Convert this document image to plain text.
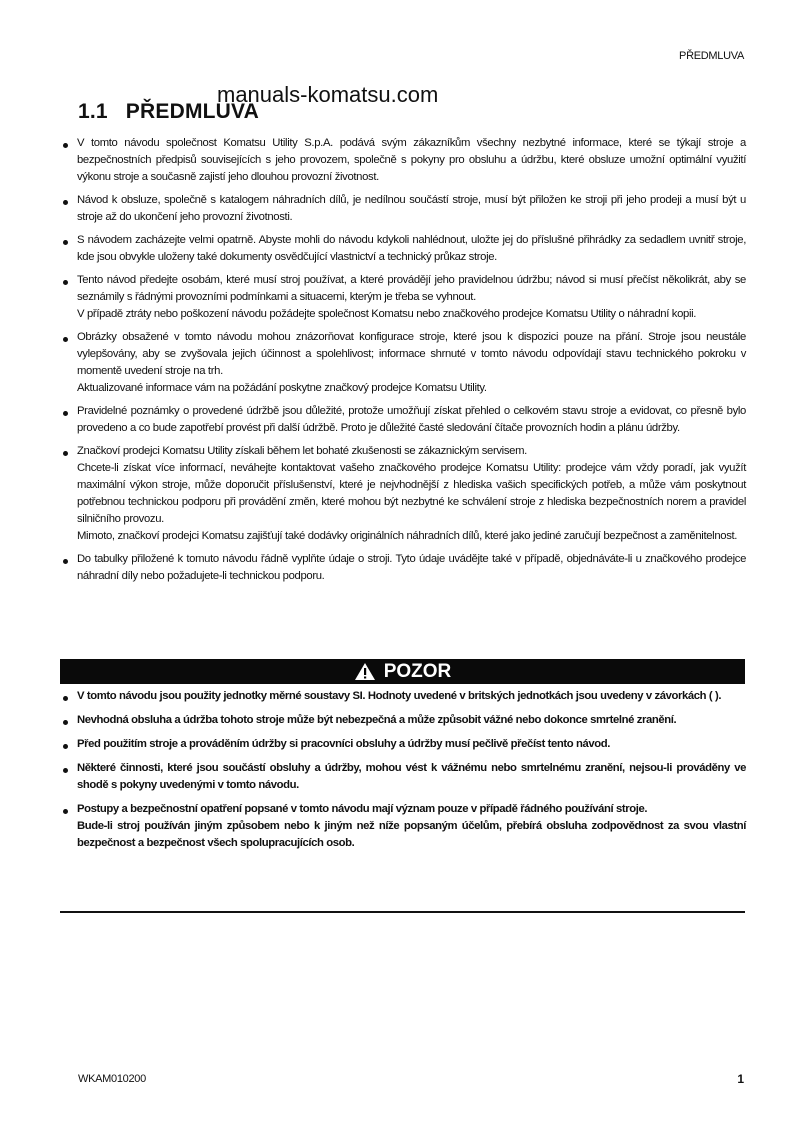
PŘEDMLUVA
manuals-komatsu.com
1.1 PŘEDMLUVA

V tomto návodu společnost Komatsu Utility S.p.A. podává svým zákazníkům všechny nezbytné informace, které se týkají stroje a bezpečnostních předpisů souvisejících s jeho provozem, společně s pokyny pro obsluhu a údržbu, které obsluze umožní optimální využití výkonu stroje a současně zajistí jeho dlouhou provozní životnost.

Návod k obsluze, společně s katalogem náhradních dílů, je nedílnou součástí stroje, musí být přiložen ke stroji při jeho prodeji a musí být u stroje až do ukončení jeho provozní životnosti.

S návodem zacházejte velmi opatrně. Abyste mohli do návodu kdykoli nahlédnout, uložte jej do příslušné přihrádky za sedadlem uvnitř stroje, kde jsou obvykle uloženy také dokumenty osvědčující vlastnictví a technický průkaz stroje.

Tento návod předejte osobám, které musí stroj používat, a které provádějí jeho pravidelnou údržbu; návod si musí přečíst několikrát, aby se seznámily s řádnými provozními podmínkami a situacemi, kterým je třeba se vyhnout.

V případě ztráty nebo poškození návodu požádejte společnost Komatsu nebo značkového prodejce Komatsu Utility o náhradní kopii.

Obrázky obsažené v tomto návodu mohou znázorňovat konfigurace stroje, které jsou k dispozici pouze na přání. Stroje jsou neustále vylepšovány, aby se zvyšovala jejich účinnost a spolehlivost; informace shrnuté v tomto návodu odpovídají stavu technického pokroku v momentě uvedení stroje na trh.

Aktualizované informace vám na požádání poskytne značkový prodejce Komatsu Utility.

Pravidelné poznámky o provedené údržbě jsou důležité, protože umožňují získat přehled o celkovém stavu stroje a evidovat, co přesně bylo provedeno a co bude zapotřebí provést při další údržbě. Proto je důležité časté sledování čítače provozních hodin a plánu údržby.

Značkoví prodejci Komatsu Utility získali během let bohaté zkušenosti se zákaznickým servisem.

Chcete-li získat více informací, neváhejte kontaktovat vašeho značkového prodejce Komatsu Utility: prodejce vám vždy poradí, jak využít maximální výkon stroje, může doporučit příslušenství, které je nejvhodnější z hlediska vašich specifických potřeb, a může vám poskytnout potřebnou technickou podporu při provádění změn, které mohou být nezbytné ke schválení stroje z hlediska bezpečnostních norem a pravidel silničního provozu.

Mimoto, značkoví prodejci Komatsu zajišťují také dodávky originálních náhradních dílů, které jako jediné zaručují bezpečnost a zaměnitelnost.

Do tabulky přiložené k tomuto návodu řádně vyplňte údaje o stroji. Tyto údaje uvádějte také v případě, objednáváte-li u značkového prodejce náhradní díly nebo požadujete-li technickou podporu.

POZOR

V tomto návodu jsou použity jednotky měrné soustavy SI. Hodnoty uvedené v britských jednotkách jsou uvedeny v závorkách ( ).

Nevhodná obsluha a údržba tohoto stroje může být nebezpečná a může způsobit vážné nebo dokonce smrtelné zranění.

Před použitím stroje a prováděním údržby si pracovníci obsluhy a údržby musí pečlivě přečíst tento návod.

Některé činnosti, které jsou součástí obsluhy a údržby, mohou vést k vážnému nebo smrtelnému zranění, nejsou-li prováděny ve shodě s pokyny uvedenými v tomto návodu.

Postupy a bezpečnostní opatření popsané v tomto návodu mají význam pouze v případě řádného používání stroje.

Bude-li stroj používán jiným způsobem nebo k jiným než níže popsaným účelům, přebírá obsluha zodpovědnost za svou vlastní bezpečnost a bezpečnost všech spolupracujících osob.

WKAM010200	1
